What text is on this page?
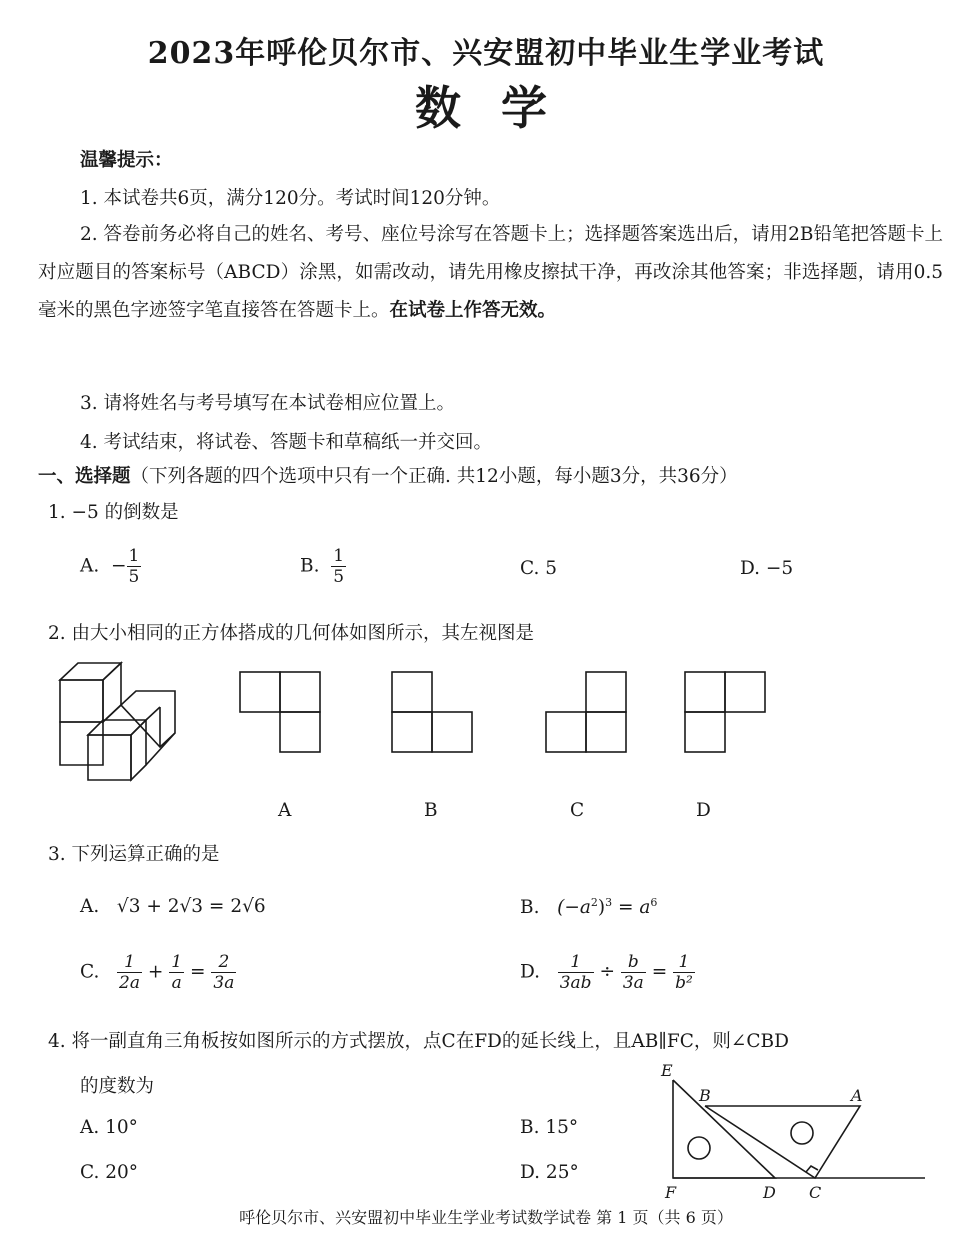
2023年呼伦贝尔市、兴安盟初中毕业生学业考试
数学
温馨提示：
1. 本试卷共6页，满分120分。考试时间120分钟。
2. 答卷前务必将自己的姓名、考号、座位号涂写在答题卡上；选择题答案选出后，请用2B铅笔把答题卡上对应题目的答案标号（ABCD）涂黑，如需改动，请先用橡皮擦拭干净，再改涂其他答案；非选择题，请用0.5毫米的黑色字迹签字笔直接答在答题卡上。在试卷上作答无效。
3. 请将姓名与考号填写在本试卷相应位置上。
4. 考试结束，将试卷、答题卡和草稿纸一并交回。
一、选择题（下列各题的四个选项中只有一个正确. 共12小题，每小题3分，共36分）
1. −5 的倒数是
A. − $\frac{1}{5}$	B. $\frac{1}{5}$	C. 5	D. −5
2. 由大小相同的正方体搭成的几何体如图所示，其左视图是
A	B	C	D
3. 下列运算正确的是
A. √3 + 2√3 = 2√6	B. $(-a^2)^3 = a^6$
C. $\frac{1}{2a} + \frac{1}{a} = \frac{2}{3a}$	D. $\frac{1}{3ab} \div \frac{b}{3a} = \frac{1}{\text{b²}}$
4. 将一副直角三角板按如图所示的方式摆放，点C在FD的延长线上，且AB∥FC，则∠CBD
的度数为
A. 10°	B. 15°
C. 20°	D. 25°
E
B	A
F	D C
呼伦贝尔市、兴安盟初中毕业生学业考试数学试卷 第 1 页（共 6 页）
